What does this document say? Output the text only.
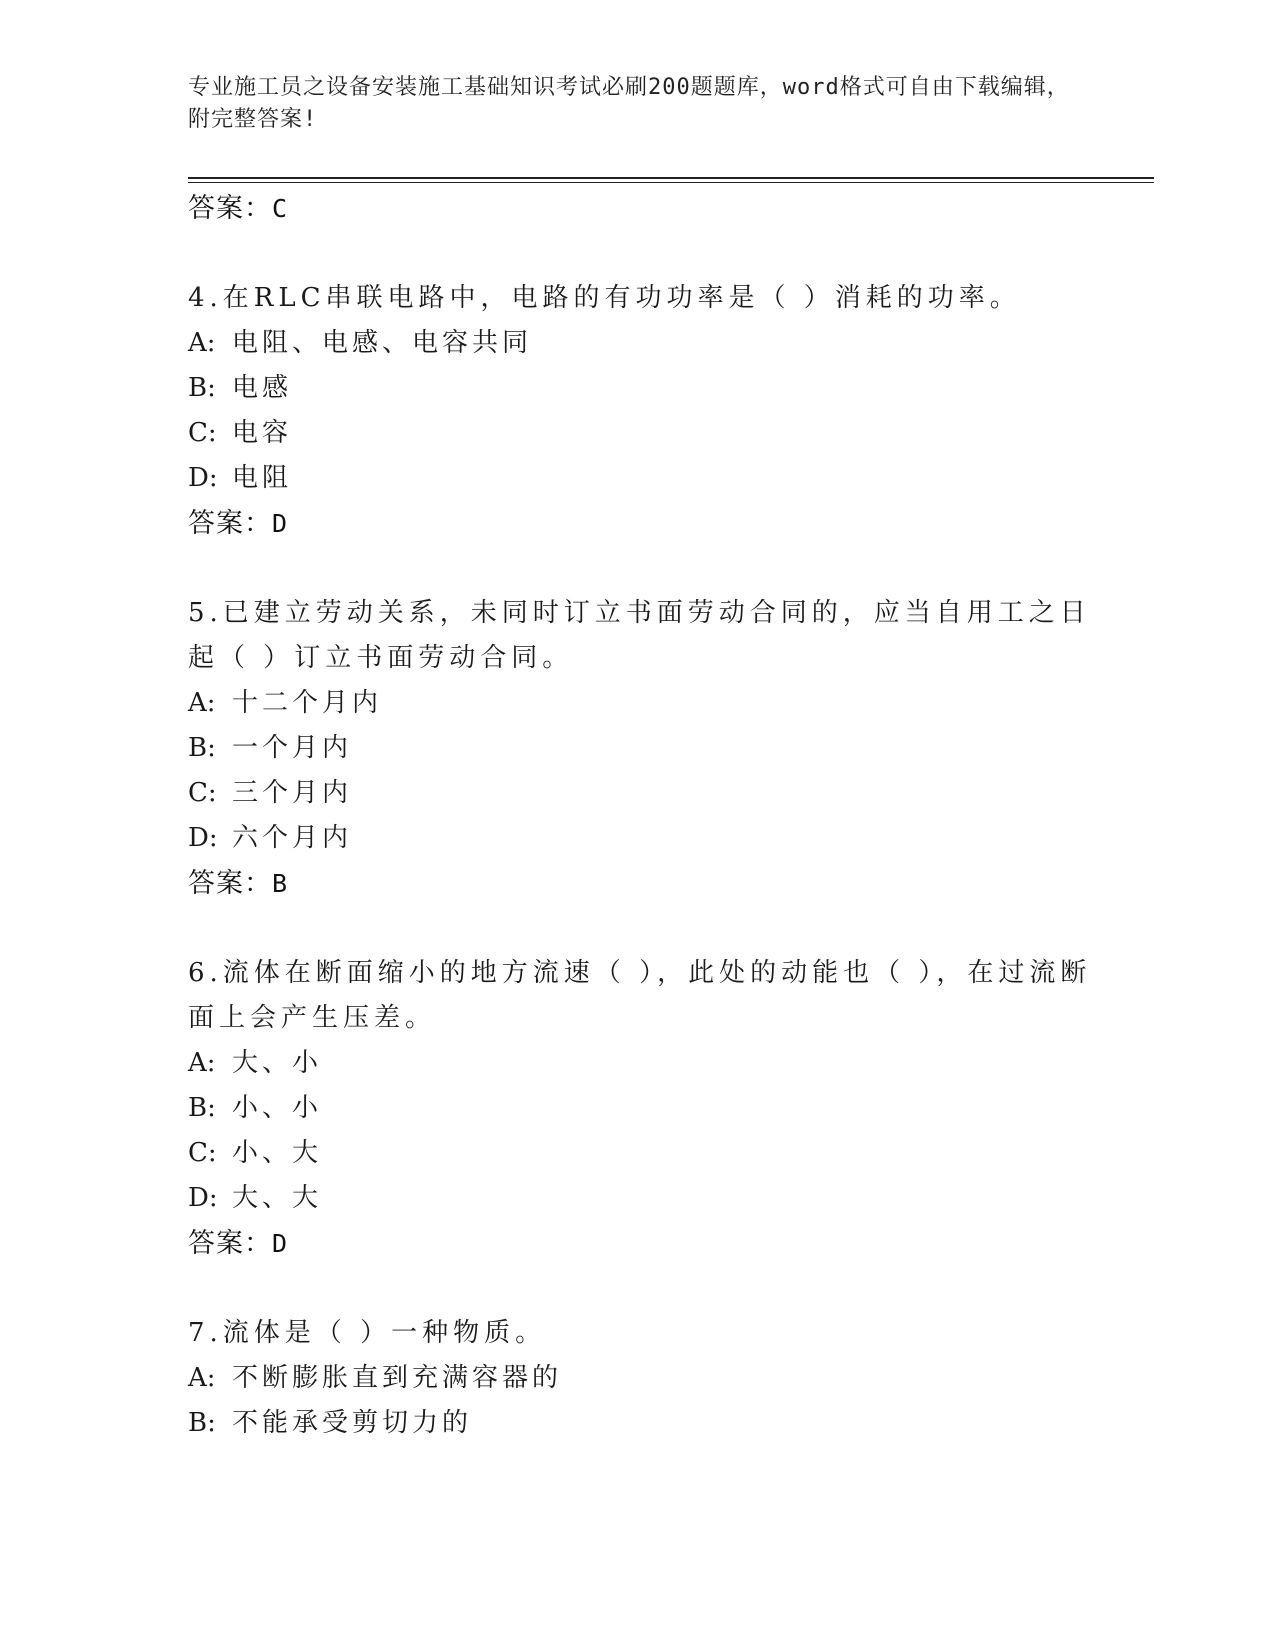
专业施工员之设备安装施工基础知识考试必刷200题题库，word格式可自由下载编辑，附完整答案!
答案：C
4.在RLC串联电路中，电路的有功功率是（ ）消耗的功率。
A: 电阻、电感、电容共同
B: 电感
C: 电容
D: 电阻
答案：D
5.已建立劳动关系，未同时订立书面劳动合同的，应当自用工之日起（ ）订立书面劳动合同。
A: 十二个月内
B: 一个月内
C: 三个月内
D: 六个月内
答案：B
6.流体在断面缩小的地方流速（ ），此处的动能也（ ），在过流断面上会产生压差。
A: 大、小
B: 小、小
C: 小、大
D: 大、大
答案：D
7.流体是（ ）一种物质。
A: 不断膨胀直到充满容器的
B: 不能承受剪切力的
